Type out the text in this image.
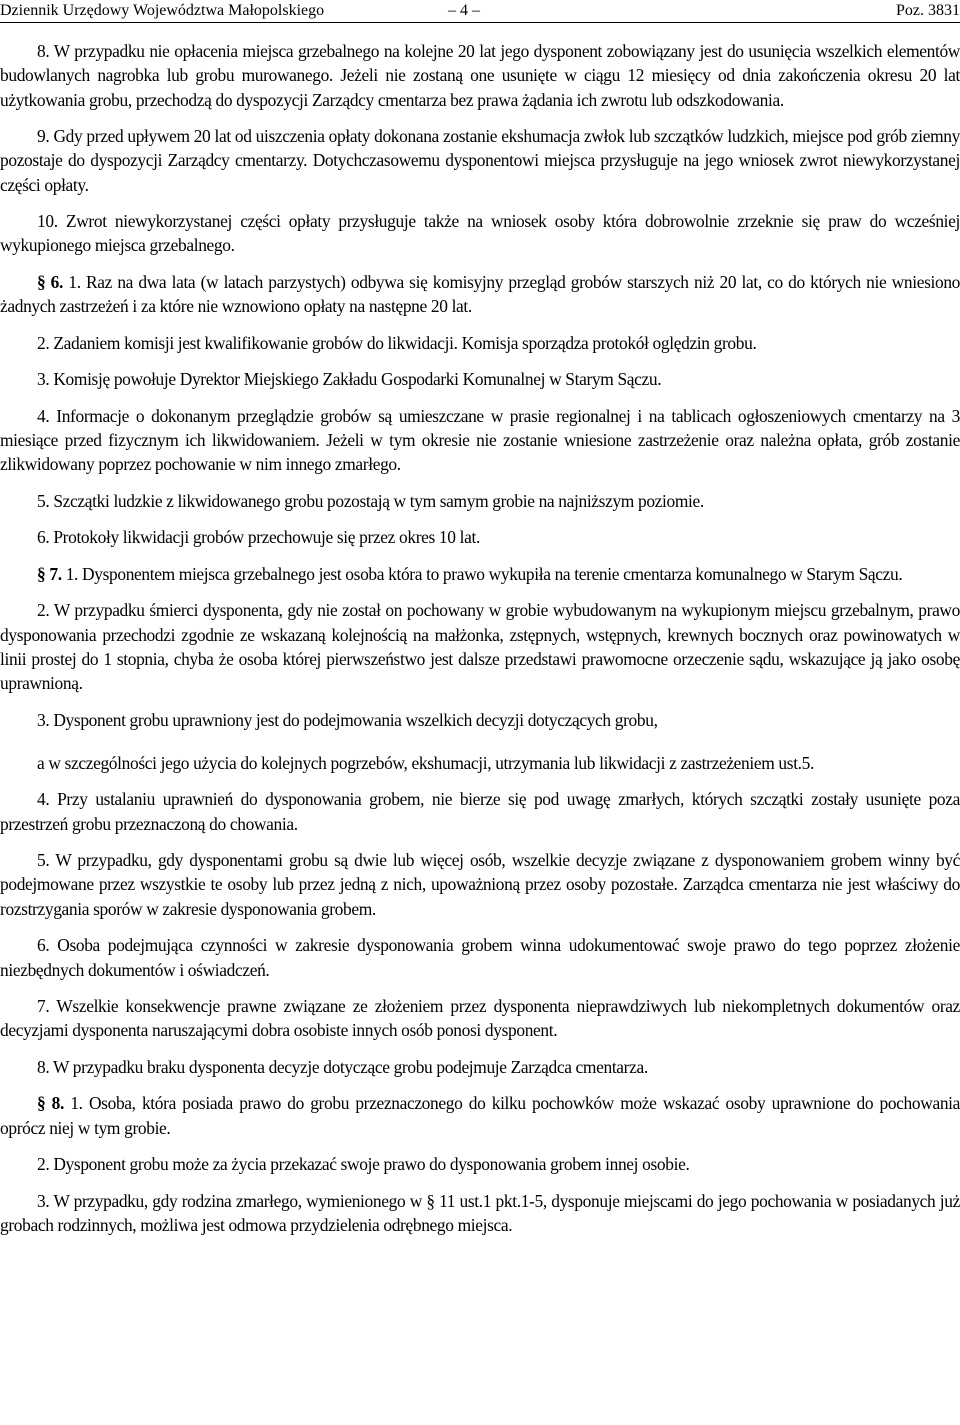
Dziennik Urzędowy Województwa Małopolskiego	– 4 –	Poz. 3831

8. W przypadku nie opłacenia miejsca grzebalnego na kolejne 20 lat jego dysponent zobowiązany jest do usunięcia wszelkich elementów budowlanych nagrobka lub grobu murowanego. Jeżeli nie zostaną one usunięte w ciągu 12 miesięcy od dnia zakończenia okresu 20 lat użytkowania grobu, przechodzą do dyspozycji Zarządcy cmentarza bez prawa żądania ich zwrotu lub odszkodowania.

9. Gdy przed upływem 20 lat od uiszczenia opłaty dokonana zostanie ekshumacja zwłok lub szczątków ludzkich, miejsce pod grób ziemny pozostaje do dyspozycji Zarządcy cmentarzy. Dotychczasowemu dysponentowi miejsca przysługuje na jego wniosek zwrot niewykorzystanej części opłaty.

10. Zwrot niewykorzystanej części opłaty przysługuje także na wniosek osoby która dobrowolnie zrzeknie się praw do wcześniej wykupionego miejsca grzebalnego.

§ 6. 1. Raz na dwa lata (w latach parzystych) odbywa się komisyjny przegląd grobów starszych niż 20 lat, co do których nie wniesiono żadnych zastrzeżeń i za które nie wznowiono opłaty na następne 20 lat.

2. Zadaniem komisji jest kwalifikowanie grobów do likwidacji. Komisja sporządza protokół oględzin grobu.

3. Komisję powołuje Dyrektor Miejskiego Zakładu Gospodarki Komunalnej w Starym Sączu.

4. Informacje o dokonanym przeglądzie grobów są umieszczane w prasie regionalnej i na tablicach ogłoszeniowych cmentarzy na 3 miesiące przed fizycznym ich likwidowaniem. Jeżeli w tym okresie nie zostanie wniesione zastrzeżenie oraz należna opłata, grób zostanie zlikwidowany poprzez pochowanie w nim innego zmarłego.

5. Szczątki ludzkie z likwidowanego grobu pozostają w tym samym grobie na najniższym poziomie.

6. Protokoły likwidacji grobów przechowuje się przez okres 10 lat.

§ 7. 1. Dysponentem miejsca grzebalnego jest osoba która to prawo wykupiła na terenie cmentarza komunalnego w Starym Sączu.

2. W przypadku śmierci dysponenta, gdy nie został on pochowany w grobie wybudowanym na wykupionym miejscu grzebalnym, prawo dysponowania przechodzi zgodnie ze wskazaną kolejnością na małżonka, zstępnych, wstępnych, krewnych bocznych oraz powinowatych w linii prostej do 1 stopnia, chyba że osoba której pierwszeństwo jest dalsze przedstawi prawomocne orzeczenie sądu, wskazujące ją jako osobę uprawnioną.

3. Dysponent grobu uprawniony jest do podejmowania wszelkich decyzji dotyczących grobu,

a w szczególności jego użycia do kolejnych pogrzebów, ekshumacji, utrzymania lub likwidacji z zastrzeżeniem ust.5.

4. Przy ustalaniu uprawnień do dysponowania grobem, nie bierze się pod uwagę zmarłych, których szczątki zostały usunięte poza przestrzeń grobu przeznaczoną do chowania.

5. W przypadku, gdy dysponentami grobu są dwie lub więcej osób, wszelkie decyzje związane z dysponowaniem grobem winny być podejmowane przez wszystkie te osoby lub przez jedną z nich, upoważnioną przez osoby pozostałe. Zarządca cmentarza nie jest właściwy do rozstrzygania sporów w zakresie dysponowania grobem.

6. Osoba podejmująca czynności w zakresie dysponowania grobem winna udokumentować swoje prawo do tego poprzez złożenie niezbędnych dokumentów i oświadczeń.

7. Wszelkie konsekwencje prawne związane ze złożeniem przez dysponenta nieprawdziwych lub niekompletnych dokumentów oraz decyzjami dysponenta naruszającymi dobra osobiste innych osób ponosi dysponent.

8. W przypadku braku dysponenta decyzje dotyczące grobu podejmuje Zarządca cmentarza.

§ 8. 1. Osoba, która posiada prawo do grobu przeznaczonego do kilku pochowków może wskazać osoby uprawnione do pochowania oprócz niej w tym grobie.

2. Dysponent grobu może za życia przekazać swoje prawo do dysponowania grobem innej osobie.

3. W przypadku, gdy rodzina zmarłego, wymienionego w § 11 ust.1 pkt.1-5, dysponuje miejscami do jego pochowania w posiadanych już grobach rodzinnych, możliwa jest odmowa przydzielenia odrębnego miejsca.
